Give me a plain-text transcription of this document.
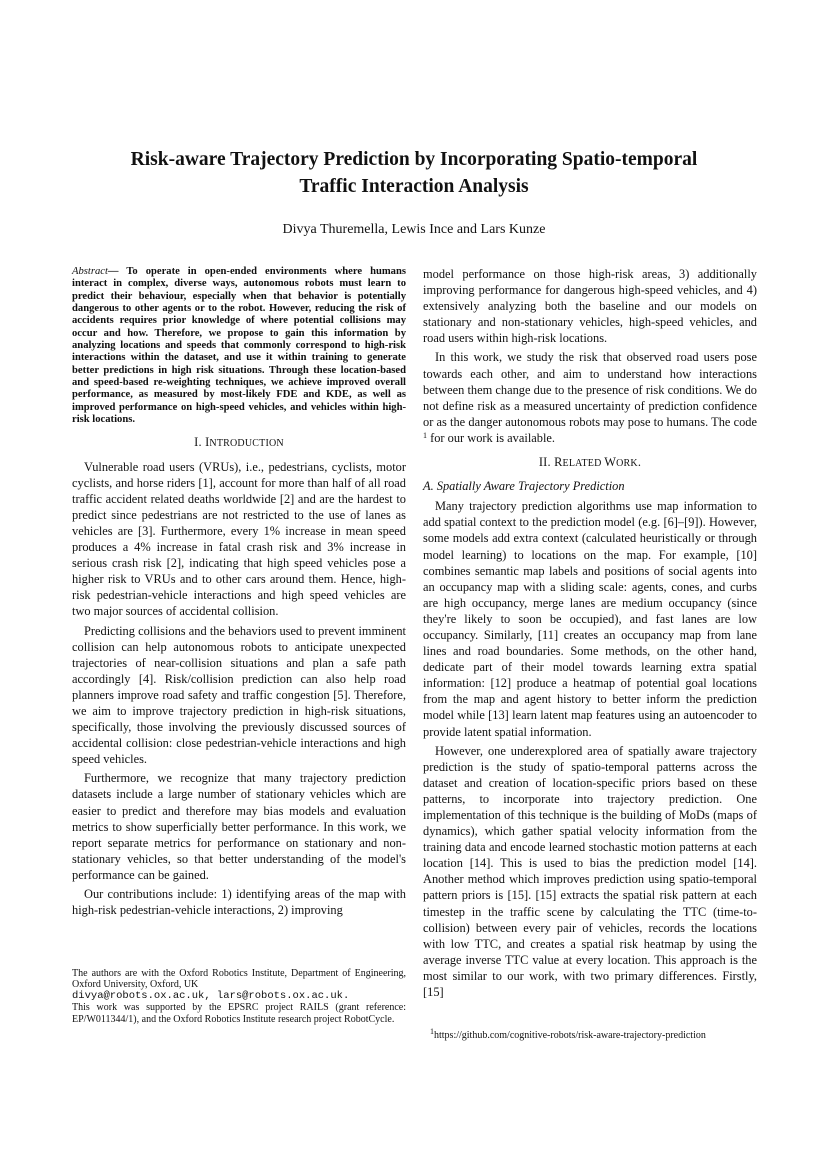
Risk-aware Trajectory Prediction by Incorporating Spatio-temporal
Traffic Interaction Analysis
Divya Thuremella, Lewis Ince and Lars Kunze

Abstract— To operate in open-ended environments where humans interact in complex, diverse ways, autonomous robots must learn to predict their behaviour, especially when that behavior is potentially dangerous to other agents or to the robot. However, reducing the risk of accidents requires prior knowledge of where potential collisions may occur and how. Therefore, we propose to gain this information by analyzing locations and speeds that commonly correspond to high-risk interactions within the dataset, and use it within training to generate better predictions in high risk situations. Through these location-based and speed-based re-weighting techniques, we achieve improved overall performance, as measured by most-likely FDE and KDE, as well as improved performance on high-speed vehicles, and vehicles within high-risk locations.

I. INTRODUCTION

Vulnerable road users (VRUs), i.e., pedestrians, cyclists, motor cyclists, and horse riders [1], account for more than half of all road traffic accident related deaths worldwide [2] and are the hardest to predict since pedestrians are not restricted to the use of lanes as vehicles are [3]. Furthermore, every 1% increase in mean speed produces a 4% increase in fatal crash risk and 3% increase in serious crash risk [2], indicating that high speed vehicles pose a higher risk to VRUs and to other cars around them. Hence, high-risk pedestrian-vehicle interactions and high speed vehicles are two major sources of accidental collision.

Predicting collisions and the behaviors used to prevent imminent collision can help autonomous robots to anticipate unexpected trajectories of near-collision situations and plan a safe path accordingly [4]. Risk/collision prediction can also help road planners improve road safety and traffic congestion [5]. Therefore, we aim to improve trajectory prediction in high-risk situations, specifically, those involving the previously discussed sources of accidental collision: close pedestrian-vehicle interactions and high speed vehicles.

Furthermore, we recognize that many trajectory prediction datasets include a large number of stationary vehicles which are easier to predict and therefore may bias models and evaluation metrics to show superficially better performance. In this work, we report separate metrics for performance on stationary and non-stationary vehicles, so that better understanding of the model's performance can be gained.

Our contributions include: 1) identifying areas of the map with high-risk pedestrian-vehicle interactions, 2) improving

The authors are with the Oxford Robotics Institute, Department of Engineering, Oxford University, Oxford, UK
divya@robots.ox.ac.uk, lars@robots.ox.ac.uk.
This work was supported by the EPSRC project RAILS (grant reference: EP/W011344/1), and the Oxford Robotics Institute research project RobotCycle.

model performance on those high-risk areas, 3) additionally improving performance for dangerous high-speed vehicles, and 4) extensively analyzing both the baseline and our models on stationary and non-stationary vehicles, high-speed vehicles, and road users within high-risk locations.

In this work, we study the risk that observed road users pose towards each other, and aim to understand how interactions between them change due to the presence of risk conditions. We do not define risk as a measured uncertainty of prediction confidence or as the danger autonomous robots may pose to humans. The code $^1$ for our work is available.

II. RELATED WORK.
A. Spatially Aware Trajectory Prediction

Many trajectory prediction algorithms use map information to add spatial context to the prediction model (e.g. [6]–[9]). However, some models add extra context (calculated heuristically or through model learning) to locations on the map. For example, [10] combines semantic map labels and positions of social agents into an occupancy map with a sliding scale: agents, cones, and curbs are high occupancy, merge lanes are medium occupancy (since they're likely to soon be occupied), and fast lanes are low occupancy. Similarly, [11] creates an occupancy map from lane lines and road boundaries. Some methods, on the other hand, dedicate part of their model towards learning extra spatial information: [12] produce a heatmap of potential goal locations from the map and agent history to better inform the prediction model while [13] learn latent map features using an autoencoder to provide latent spatial information.

However, one underexplored area of spatially aware trajectory prediction is the study of spatio-temporal patterns across the dataset and creation of location-specific priors based on these patterns, to incorporate into trajectory prediction. One implementation of this technique is the building of MoDs (maps of dynamics), which gather spatial velocity information from the training data and encode learned stochastic motion patterns at each location [14]. This is used to bias the prediction model [14]. Another method which improves prediction using spatio-temporal pattern priors is [15]. [15] extracts the spatial risk pattern at each timestep in the traffic scene by calculating the TTC (time-to-collision) between every pair of vehicles, records the locations with low TTC, and creates a spatial risk heatmap by using the average inverse TTC value at every location. This approach is the most similar to our work, with two primary differences. Firstly, [15]

$^1$https://github.com/cognitive-robots/risk-aware-trajectory-prediction
